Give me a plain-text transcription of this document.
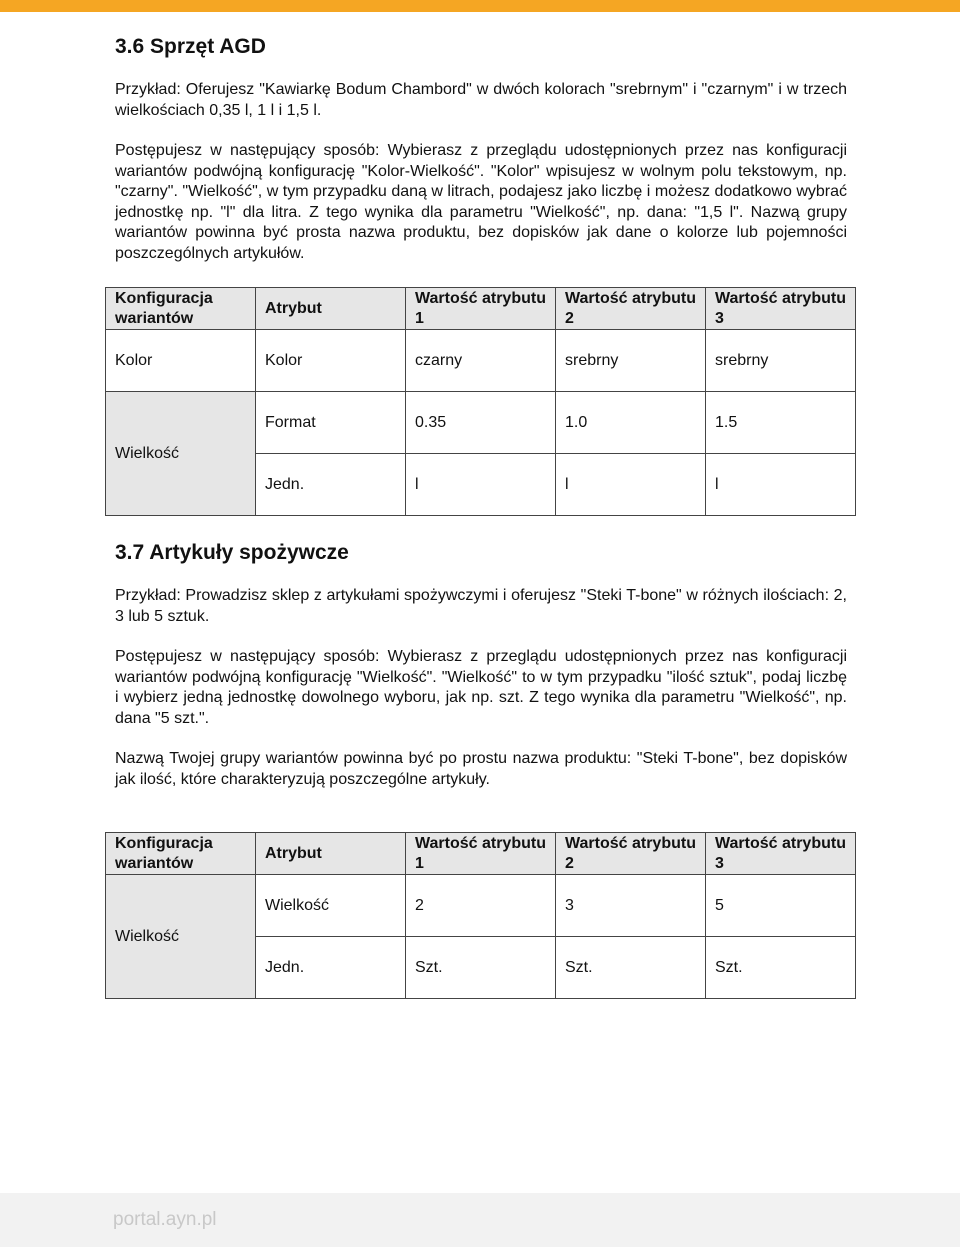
3.6 Sprzęt AGD

Przykład: Oferujesz "Kawiarkę Bodum Chambord" w dwóch kolorach "srebrnym" i "czarnym" i w trzech wielkościach 0,35 l, 1 l i 1,5 l.

Postępujesz w następujący sposób: Wybierasz z przeglądu udostępnionych przez nas konfiguracji wariantów podwójną konfigurację "Kolor-Wielkość". "Kolor" wpisujesz w wolnym polu tekstowym, np. "czarny". "Wielkość", w tym przypadku daną w litrach, podajesz jako liczbę i możesz dodatkowo wybrać jednostkę np. "l" dla litra. Z tego wynika dla parametru "Wielkość", np. dana: "1,5 l". Nazwą grupy wariantów powinna być prosta nazwa produktu, bez dopisków jak dane o kolorze lub pojemności poszczególnych artykułów.

Konfiguracja wariantów	Atrybut	Wartość atrybutu 1	Wartość atrybutu 2	Wartość atrybutu 3
Kolor	Kolor	czarny	srebrny	srebrny
Wielkość	Format	0.35	1.0	1.5
	Jedn.	l	l	l
3.7 Artykuły spożywcze

Przykład: Prowadzisz sklep z artykułami spożywczymi i oferujesz "Steki T-bone" w różnych ilościach: 2, 3 lub 5 sztuk.

Postępujesz w następujący sposób: Wybierasz z przeglądu udostępnionych przez nas konfiguracji wariantów podwójną konfigurację "Wielkość". "Wielkość" to w tym przypadku "ilość sztuk", podaj liczbę i wybierz jedną jednostkę dowolnego wyboru, jak np. szt. Z tego wynika dla parametru "Wielkość", np. dana "5 szt.".

Nazwą Twojej grupy wariantów powinna być po prostu nazwa produktu: "Steki T-bone", bez dopisków jak ilość, które charakteryzują poszczególne artykuły.

Konfiguracja wariantów	Atrybut	Wartość atrybutu 1	Wartość atrybutu 2	Wartość atrybutu 3
Wielkość	Wielkość	2	3	5
	Jedn.	Szt.	Szt.	Szt.
portal.ayn.pl
